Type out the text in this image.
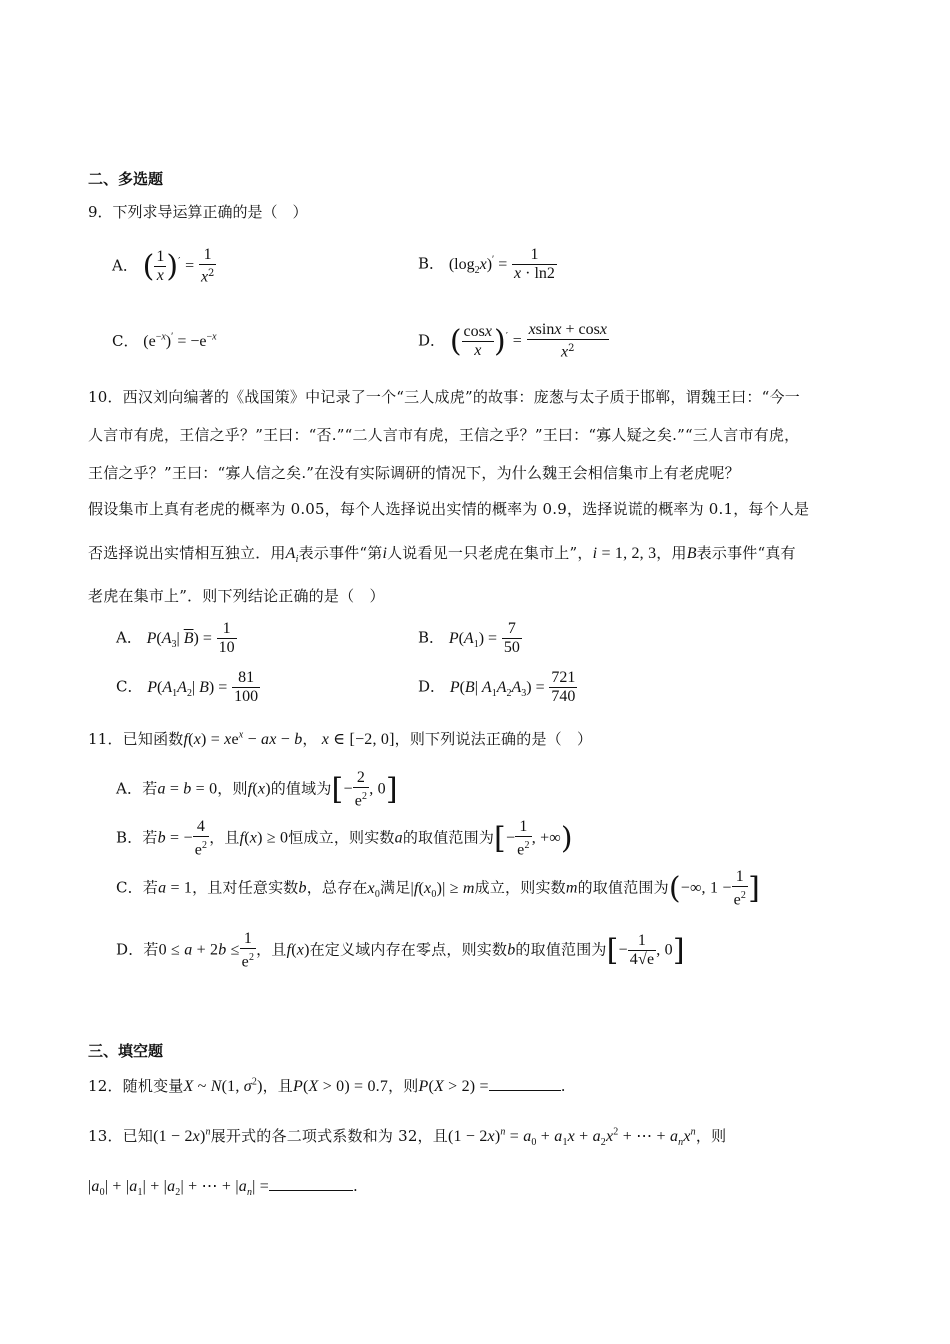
二、多选题
9．下列求导运算正确的是（　）
A． ( $\frac{1}{x} )' = \frac{1}{x^2}$	B． $(\log_2x)' = \frac{1}{x \cdot \ln 2}$
C． $(e^{-x})' = -e^{-x}$	D． ( $\frac{\cos x}{x} )' = \frac{xsinx + \cos x}{x^2}$
10．西汉刘向编著的《战国策》中记录了一个“三人成虎”的故事：庞葱与太子质于邯郸，谓魏王曰：“今一
人言市有虎，王信之乎？”王曰：“否.”“二人言市有虎，王信之乎？”王曰：“寡人疑之矣.”“三人言市有虎，
王信之乎？”王曰：“寡人信之矣.”在没有实际调研的情况下，为什么魏王会相信集市上有老虎呢？
假设集市上真有老虎的概率为 0.05，每个人选择说出实情的概率为 0.9，选择说谎的概率为 0.1，每个人是
否选择说出实情相互独立．用$A_i$表示事件“第i人说看见一只老虎在集市上”，i = 1, 2, 3，用B表示事件“真有
老虎在集市上”．则下列结论正确的是（　）
A． $P(A_3|$ $\overline{B}) = \frac{1}{10}$	B． $P(A_1) = \frac{7}{50}$
C． $P(A_1A_2|$ $B) = \frac{81}{100}$	D． P(B| $A_1A_2A_3) = \frac{721}{740}$
11．已知函数$f(x) = xe^x$ − ax − b， x ∈ [−2, 0]，则下列说法正确的是（　）
A．若a = b = 0，则f(x)的值域为[− $\frac{2}{e^2}$ , 0]
B．若b = − $\frac{4}{e^2}$ ，且f(x) ≥ 0恒成立，则实数a的取值范围为[− $\frac{1}{e^2}$ , +∞)
C．若a = 1，且对任意实数b，总存在$x_0$满足$|f(x_0)| \ge m$成立，则实数m的取值范围为(−∞, $1 - \frac{1}{e^2}$ ]
D．若$0 \le a + 2b \le \frac{1}{e^2}$ ，且f(x)在定义域内存在零点，则实数b的取值范围为[− $\frac{1}{4√e}$ , 0]
三、填空题
12．随机变量X ~ N(1, $\sigma^2$)，且P(X > 0) = 0.7，则P(X > 2) =	.
13．已知$(1 - 2x)^n$展开式的各二项式系数和为 32，且$(1 - 2x)^n = a_0 + a_1x + a_2x^2$ + ⋯ + $a_nx^n$，则
$|a_0| + |a_1| + |a_2|$ + ⋯ + $|a_n|$ =	.
